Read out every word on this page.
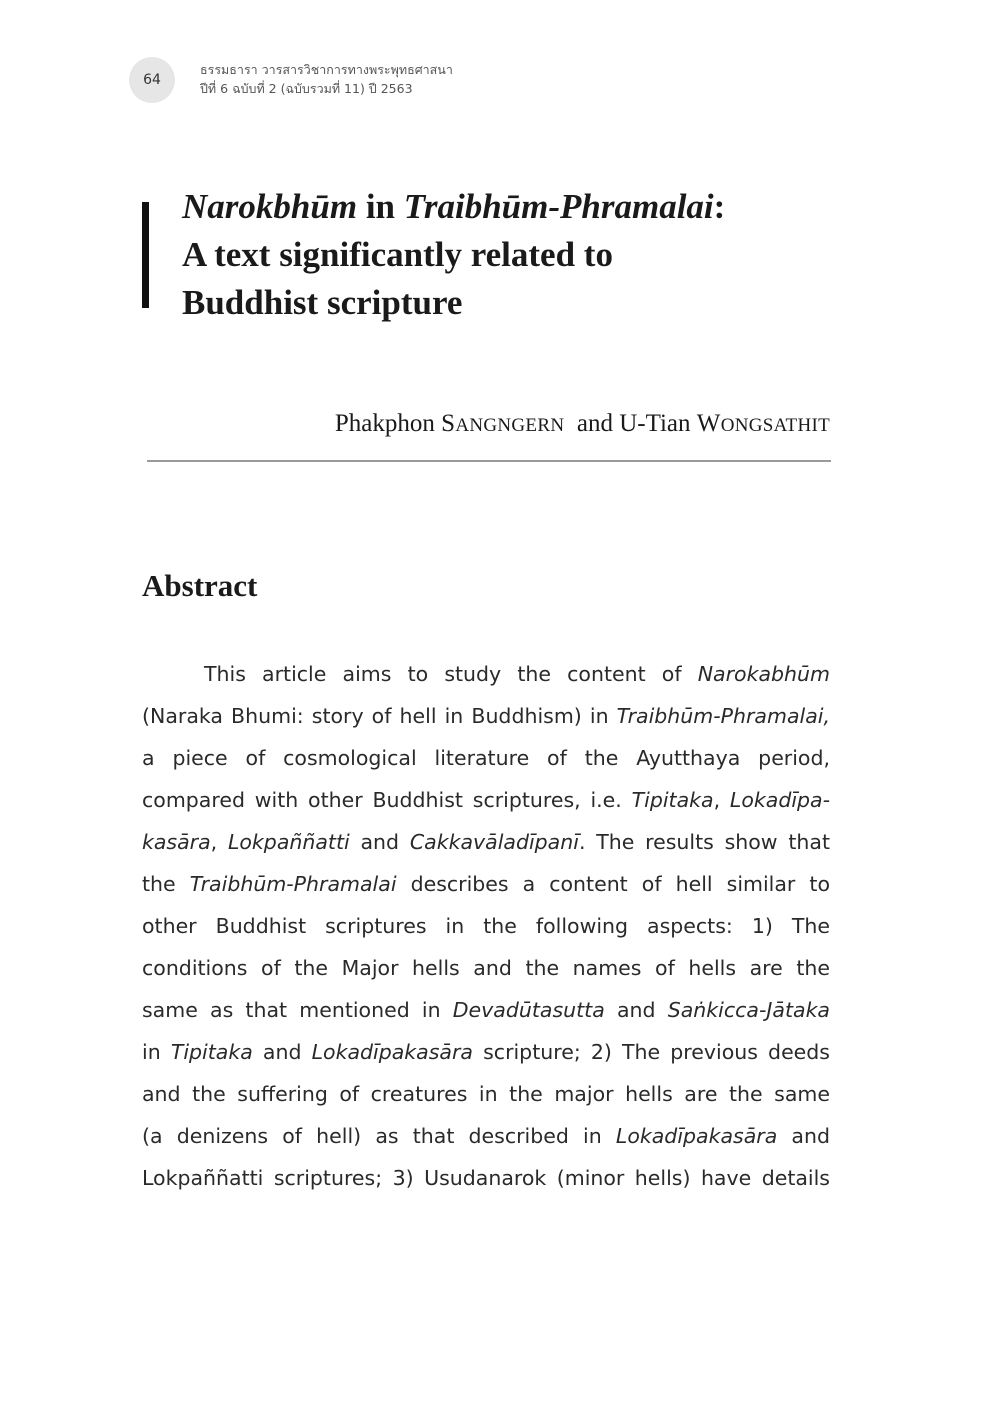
64
ธรรมธารา วารสารวิชาการทางพระพุทธศาสนา
ปีที่ 6 ฉบับที่ 2 (ฉบับรวมที่ 11) ปี 2563
Narokbhūm in Traibhūm-Phramalai:
A text significantly related to
Buddhist scripture
Phakphon SANGNGERN and U-Tian WONGSATHIT
Abstract
This article aims to study the content of Narokabhūm
(Naraka Bhumi: story of hell in Buddhism) in Traibhūm-Phramalai,
a piece of cosmological literature of the Ayutthaya period,
compared with other Buddhist scriptures, i.e. Tipitaka, Lokadīpa-
kasāra, Lokpaññatti and Cakkavāladīpanī. The results show that
the Traibhūm-Phramalai describes a content of hell similar to
other Buddhist scriptures in the following aspects: 1) The
conditions of the Major hells and the names of hells are the
same as that mentioned in Devadūtasutta and Saṅkicca-Jātaka
in Tipitaka and Lokadīpakasāra scripture; 2) The previous deeds
and the suffering of creatures in the major hells are the same
(a denizens of hell) as that described in Lokadīpakasāra and
Lokpaññatti scriptures; 3) Usudanarok (minor hells) have details
